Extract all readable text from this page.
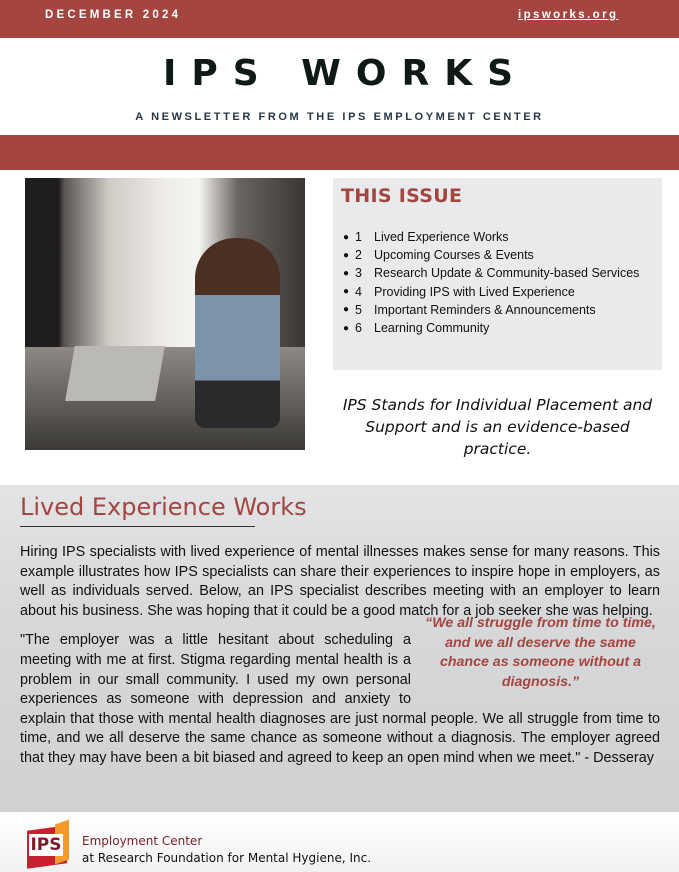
DECEMBER 2024	ipsworks.org
IPS WORKS
A NEWSLETTER FROM THE IPS EMPLOYMENT CENTER
THIS ISSUE
● 1 Lived Experience Works
● 2 Upcoming Courses & Events
● 3 Research Update & Community-based Services
● 4 Providing IPS with Lived Experience
● 5 Important Reminders & Announcements
● 6 Learning Community
IPS Stands for Individual Placement and Support and is an evidence-based practice.
Lived Experience Works

Hiring IPS specialists with lived experience of mental illnesses makes sense for many reasons. This example illustrates how IPS specialists can share their experiences to inspire hope in employers, as well as individuals served. Below, an IPS specialist describes meeting with an employer to learn about his business. She was hoping that it could be a good match for a job seeker she was helping.

“We all struggle from time to time, and we all deserve the same chance as someone without a diagnosis.”
"The employer was a little hesitant about scheduling a meeting with me at first. Stigma regarding mental health is a problem in our small community. I used my own personal experiences as someone with depression and anxiety to explain that those with mental health diagnoses are just normal people. We all struggle from time to time, and we all deserve the same chance as someone without a diagnosis. The employer agreed that they may have been a bit biased and agreed to keep an open mind when we meet." - Desseray

IPS Employment Center
at Research Foundation for Mental Hygiene, Inc.
